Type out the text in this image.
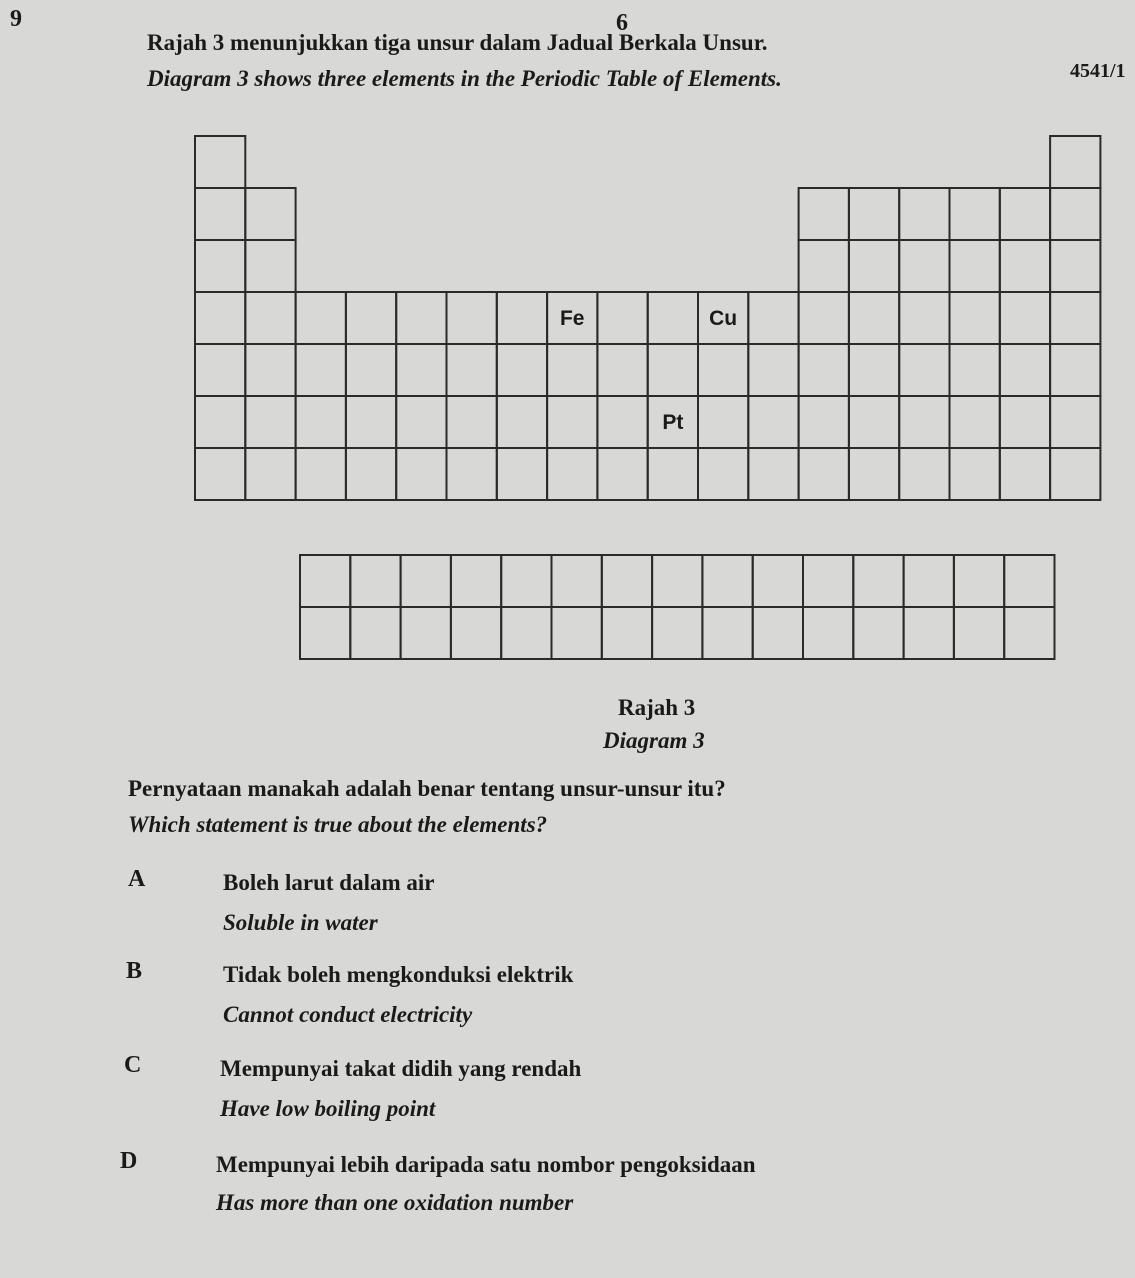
9	6
4541/1
Rajah 3 menunjukkan tiga unsur dalam Jadual Berkala Unsur.
Diagram 3 shows three elements in the Periodic Table of Elements.
Fe	Cu
Pt
Rajah 3
Diagram 3
Pernyataan manakah adalah benar tentang unsur-unsur itu?
Which statement is true about the elements?
A	Boleh larut dalam air
Soluble in water
B	Tidak boleh mengkonduksi elektrik
Cannot conduct electricity
C	Mempunyai takat didih yang rendah
Have low boiling point
D	Mempunyai lebih daripada satu nombor pengoksidaan
Has more than one oxidation number
